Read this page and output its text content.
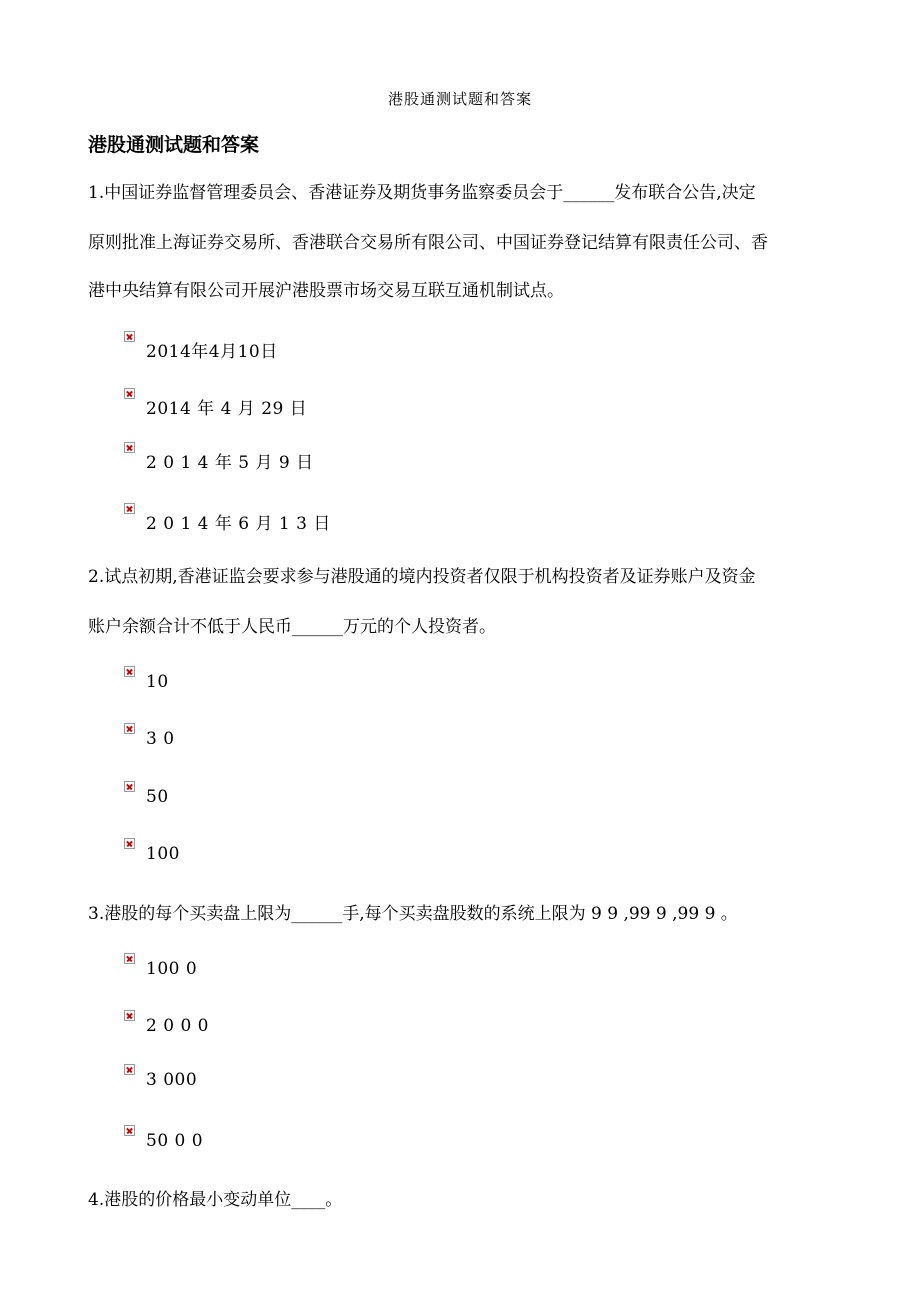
港股通测试题和答案
港股通测试题和答案
1.中国证券监督管理委员会、香港证券及期货事务监察委员会于______发布联合公告,决定
原则批准上海证券交易所、香港联合交易所有限公司、中国证券登记结算有限责任公司、香
港中央结算有限公司开展沪港股票市场交易互联互通机制试点。
2014年4月10日
2014 年 4 月 29 日
2 0 1 4 年 5 月 9 日
2 0 1 4 年 6 月 1 3 日
2.试点初期,香港证监会要求参与港股通的境内投资者仅限于机构投资者及证券账户及资金
账户余额合计不低于人民币______万元的个人投资者。
10
3 0
50
100
3.港股的每个买卖盘上限为______手,每个买卖盘股数的系统上限为 9 9 ,99 9 ,99 9 。
100 0
2 0 0 0
3 000
50 0 0
4.港股的价格最小变动单位____。
